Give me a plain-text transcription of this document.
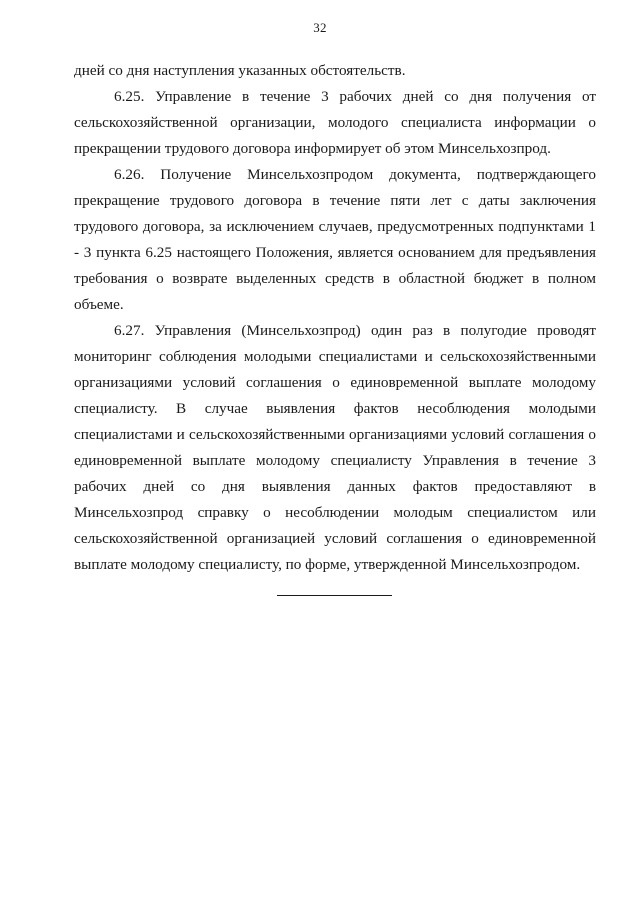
32

дней со дня наступления указанных обстоятельств.

6.25. Управление в течение 3 рабочих дней со дня получения от сельскохозяйственной организации, молодого специалиста информации о прекращении трудового договора информирует об этом Минсельхозпрод.

6.26. Получение Минсельхозпродом документа, подтверждающего прекращение трудового договора в течение пяти лет с даты заключения трудового договора, за исключением случаев, предусмотренных подпунктами 1 - 3 пункта 6.25 настоящего Положения, является основанием для предъявления требования о возврате выделенных средств в областной бюджет в полном объеме.

6.27. Управления (Минсельхозпрод) один раз в полугодие проводят мониторинг соблюдения молодыми специалистами и сельскохозяйственными организациями условий соглашения о единовременной выплате молодому специалисту. В случае выявления фактов несоблюдения молодыми специалистами и сельскохозяйственными организациями условий соглашения о единовременной выплате молодому специалисту Управления в течение 3 рабочих дней со дня выявления данных фактов предоставляют в Минсельхозпрод справку о несоблюдении молодым специалистом или сельскохозяйственной организацией условий соглашения о единовременной выплате молодому специалисту, по форме, утвержденной Минсельхозпродом.
